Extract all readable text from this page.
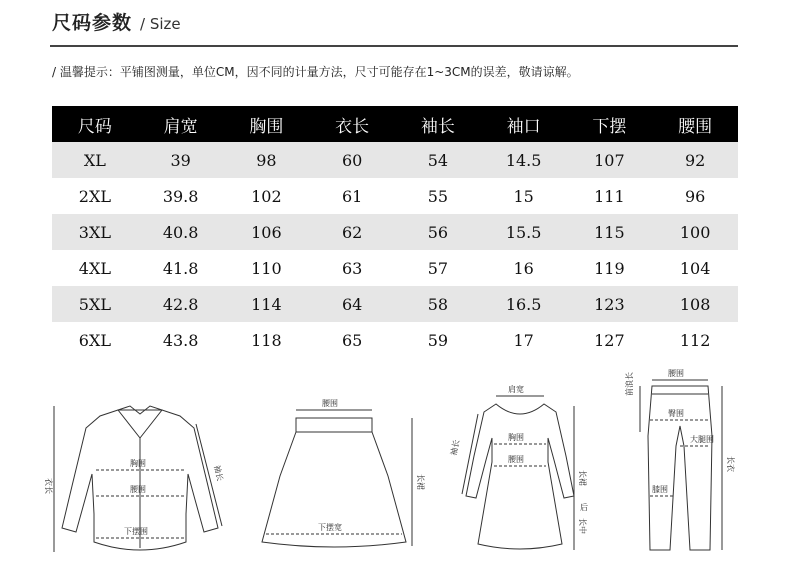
尺码参数 / Size
/ 温馨提示：平铺图测量，单位CM，因不同的计量方法，尺寸可能存在1~3CM的误差，敬请谅解。
尺码	肩宽	胸围	衣长	袖长	袖口	下摆	腰围
XL	39	98	60	54	14.5	107	92
2XL	39.8	102	61	55	15	111	96
3XL	40.8	106	62	56	15.5	115	100
4XL	41.8	110	63	57	16	119	104
5XL	42.8	114	64	58	16.5	123	108
6XL	43.8	118	65	59	17	127	112
胸围
腰围
下摆围
衣长
袖长
腰围
下摆宽
长裙
肩宽
胸围
腰围
袖长
长裙
后
长中
腰围
前浪长
臀围
大腿围
长衣
膝围
